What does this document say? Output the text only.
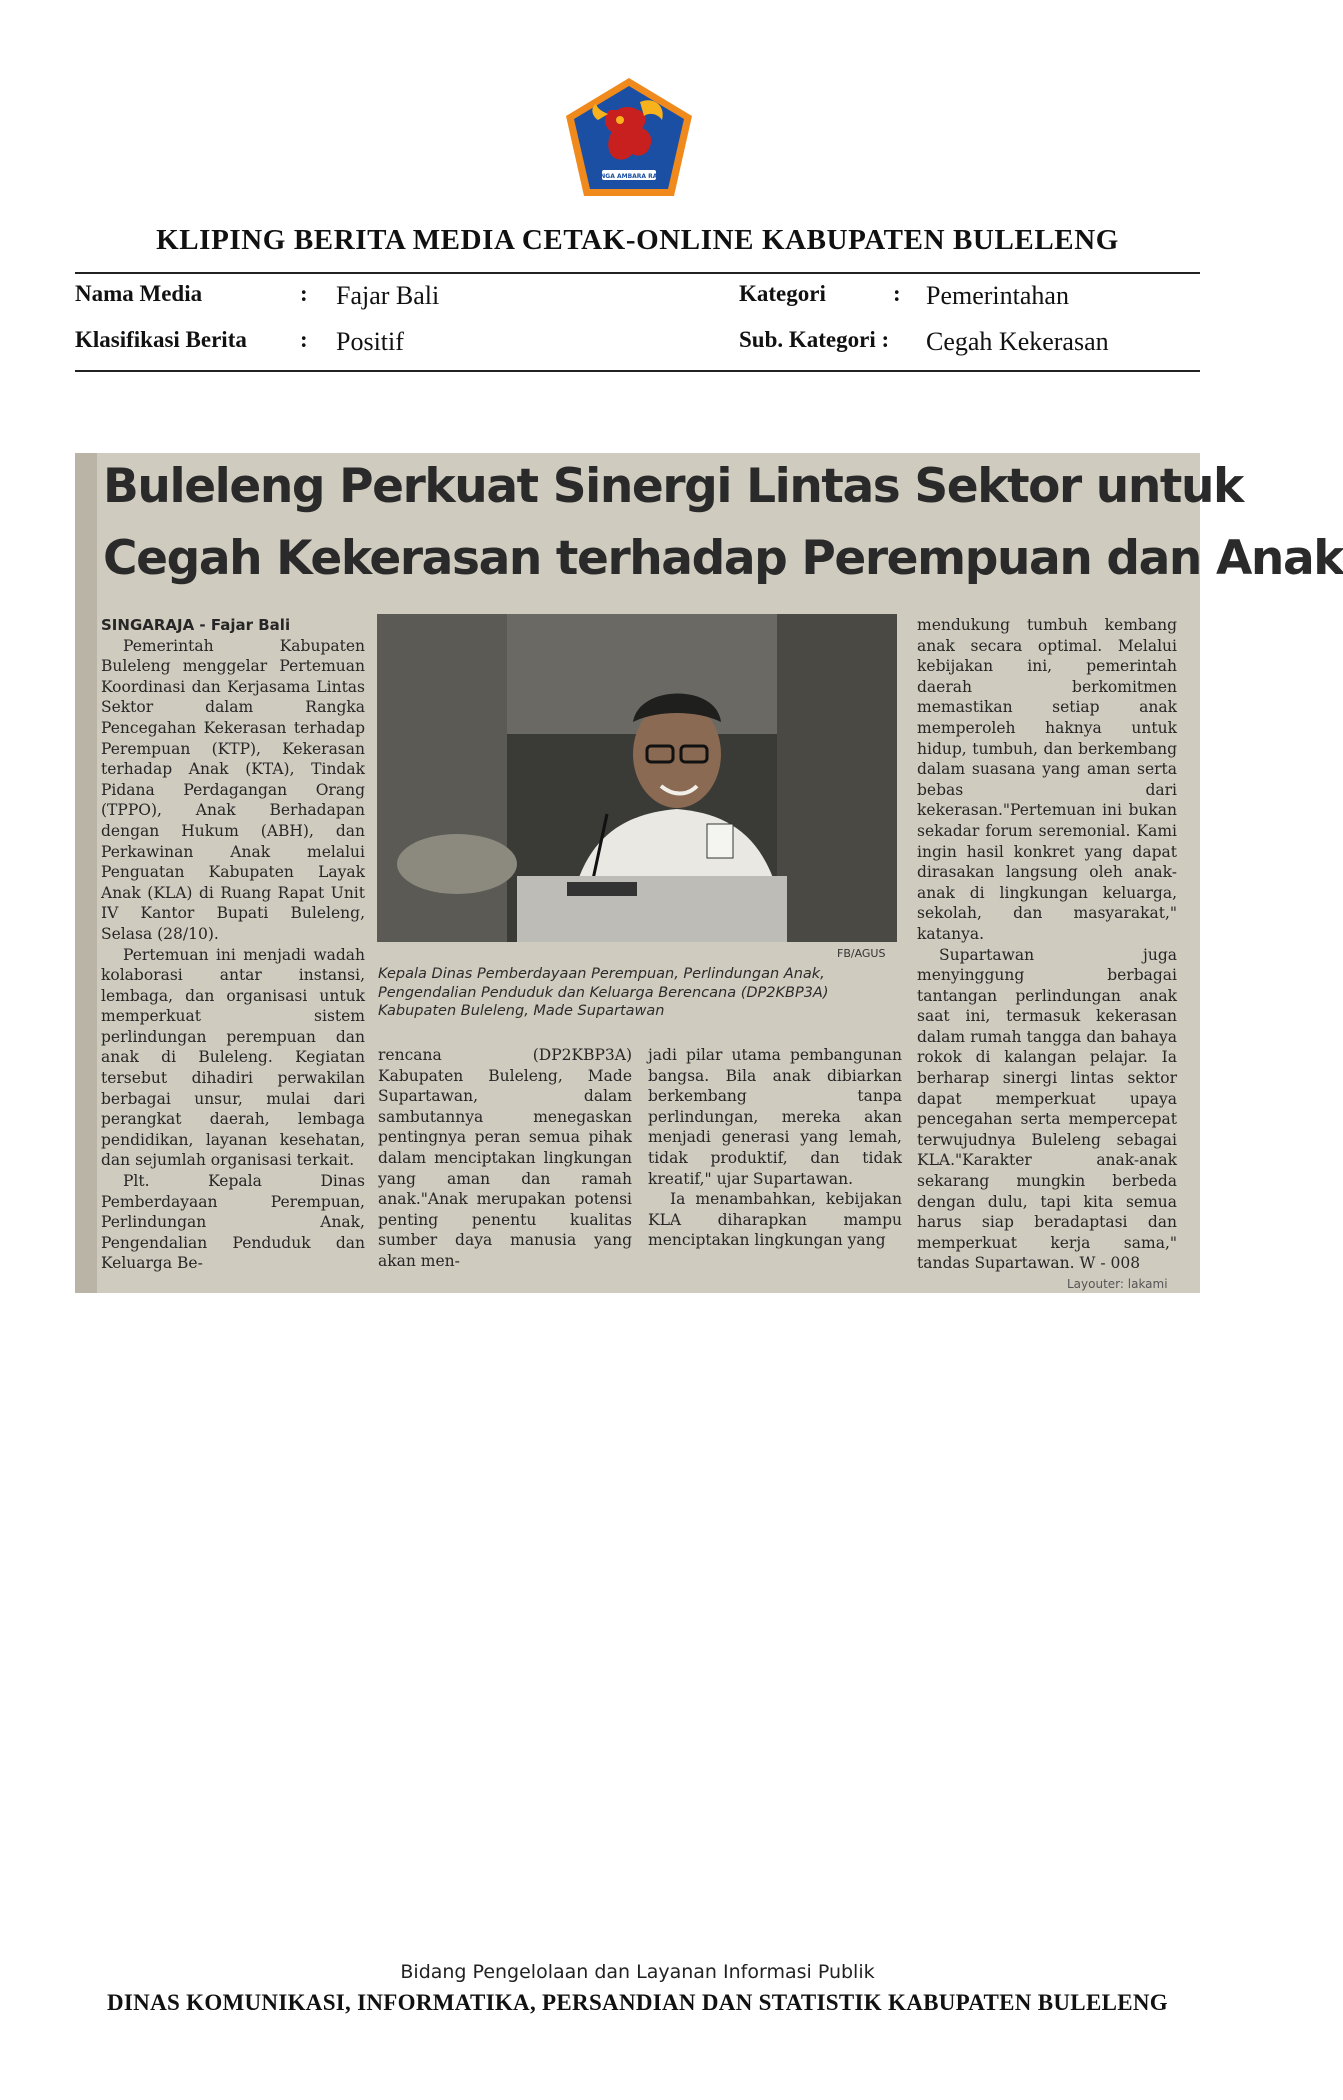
SINGA AMBARA RAJA
KLIPING BERITA MEDIA CETAK-ONLINE KABUPATEN BULELENG
Nama Media	: Fajar Bali	Kategori	: Pemerintahan
Klasifikasi Berita : Positif	Sub. Kategori : Cegah Kekerasan
Buleleng Perkuat Sinergi Lintas Sektor untuk
Cegah Kekerasan terhadap Perempuan dan Anak

SINGARAJA - Fajar Bali

Pemerintah Kabupaten Buleleng menggelar Pertemuan Koordinasi dan Kerjasama Lintas Sektor dalam Rangka Pencegahan Kekerasan terhadap Perempuan (KTP), Kekerasan terhadap Anak (KTA), Tindak Pidana Perdagangan Orang (TPPO), Anak Berhadapan dengan Hukum (ABH), dan Perkawinan Anak melalui Penguatan Kabupaten Layak Anak (KLA) di Ruang Rapat Unit IV Kantor Bupati Buleleng, Selasa (28/10).

Pertemuan ini menjadi wadah kolaborasi antar instansi, lembaga, dan organisasi untuk memperkuat sistem perlindungan perempuan dan anak di Buleleng. Kegiatan tersebut dihadiri perwakilan berbagai unsur, mulai dari perangkat daerah, lembaga pendidikan, layanan kesehatan, dan sejumlah organisasi terkait.

Plt. Kepala Dinas Pemberdayaan Perempuan, Perlindungan Anak, Pengendalian Penduduk dan Keluarga Be-

FB/AGUS
Kepala Dinas Pemberdayaan Perempuan, Perlindungan Anak, Pengendalian Penduduk dan Keluarga Berencana (DP2KBP3A) Kabupaten Buleleng, Made Supartawan

rencana (DP2KBP3A) Kabupaten Buleleng, Made Supartawan, dalam sambutannya menegaskan pentingnya peran semua pihak dalam menciptakan lingkungan yang aman dan ramah anak."Anak merupakan potensi penting penentu kualitas sumber daya manusia yang akan men-

jadi pilar utama pembangunan bangsa. Bila anak dibiarkan berkembang tanpa perlindungan, mereka akan menjadi generasi yang lemah, tidak produktif, dan tidak kreatif," ujar Supartawan.

Ia menambahkan, kebijakan KLA diharapkan mampu menciptakan lingkungan yang

mendukung tumbuh kembang anak secara optimal. Melalui kebijakan ini, pemerintah daerah berkomitmen memastikan setiap anak memperoleh haknya untuk hidup, tumbuh, dan berkembang dalam suasana yang aman serta bebas dari kekerasan."Pertemuan ini bukan sekadar forum seremonial. Kami ingin hasil konkret yang dapat dirasakan langsung oleh anak-anak di lingkungan keluarga, sekolah, dan masyarakat," katanya.

Supartawan juga menyinggung berbagai tantangan perlindungan anak saat ini, termasuk kekerasan dalam rumah tangga dan bahaya rokok di kalangan pelajar. Ia berharap sinergi lintas sektor dapat memperkuat upaya pencegahan serta mempercepat terwujudnya Buleleng sebagai KLA."Karakter anak-anak sekarang mungkin berbeda dengan dulu, tapi kita semua harus siap beradaptasi dan memperkuat kerja sama," tandas Supartawan. W - 008

Layouter: lakami
Bidang Pengelolaan dan Layanan Informasi Publik
DINAS KOMUNIKASI, INFORMATIKA, PERSANDIAN DAN STATISTIK KABUPATEN BULELENG
